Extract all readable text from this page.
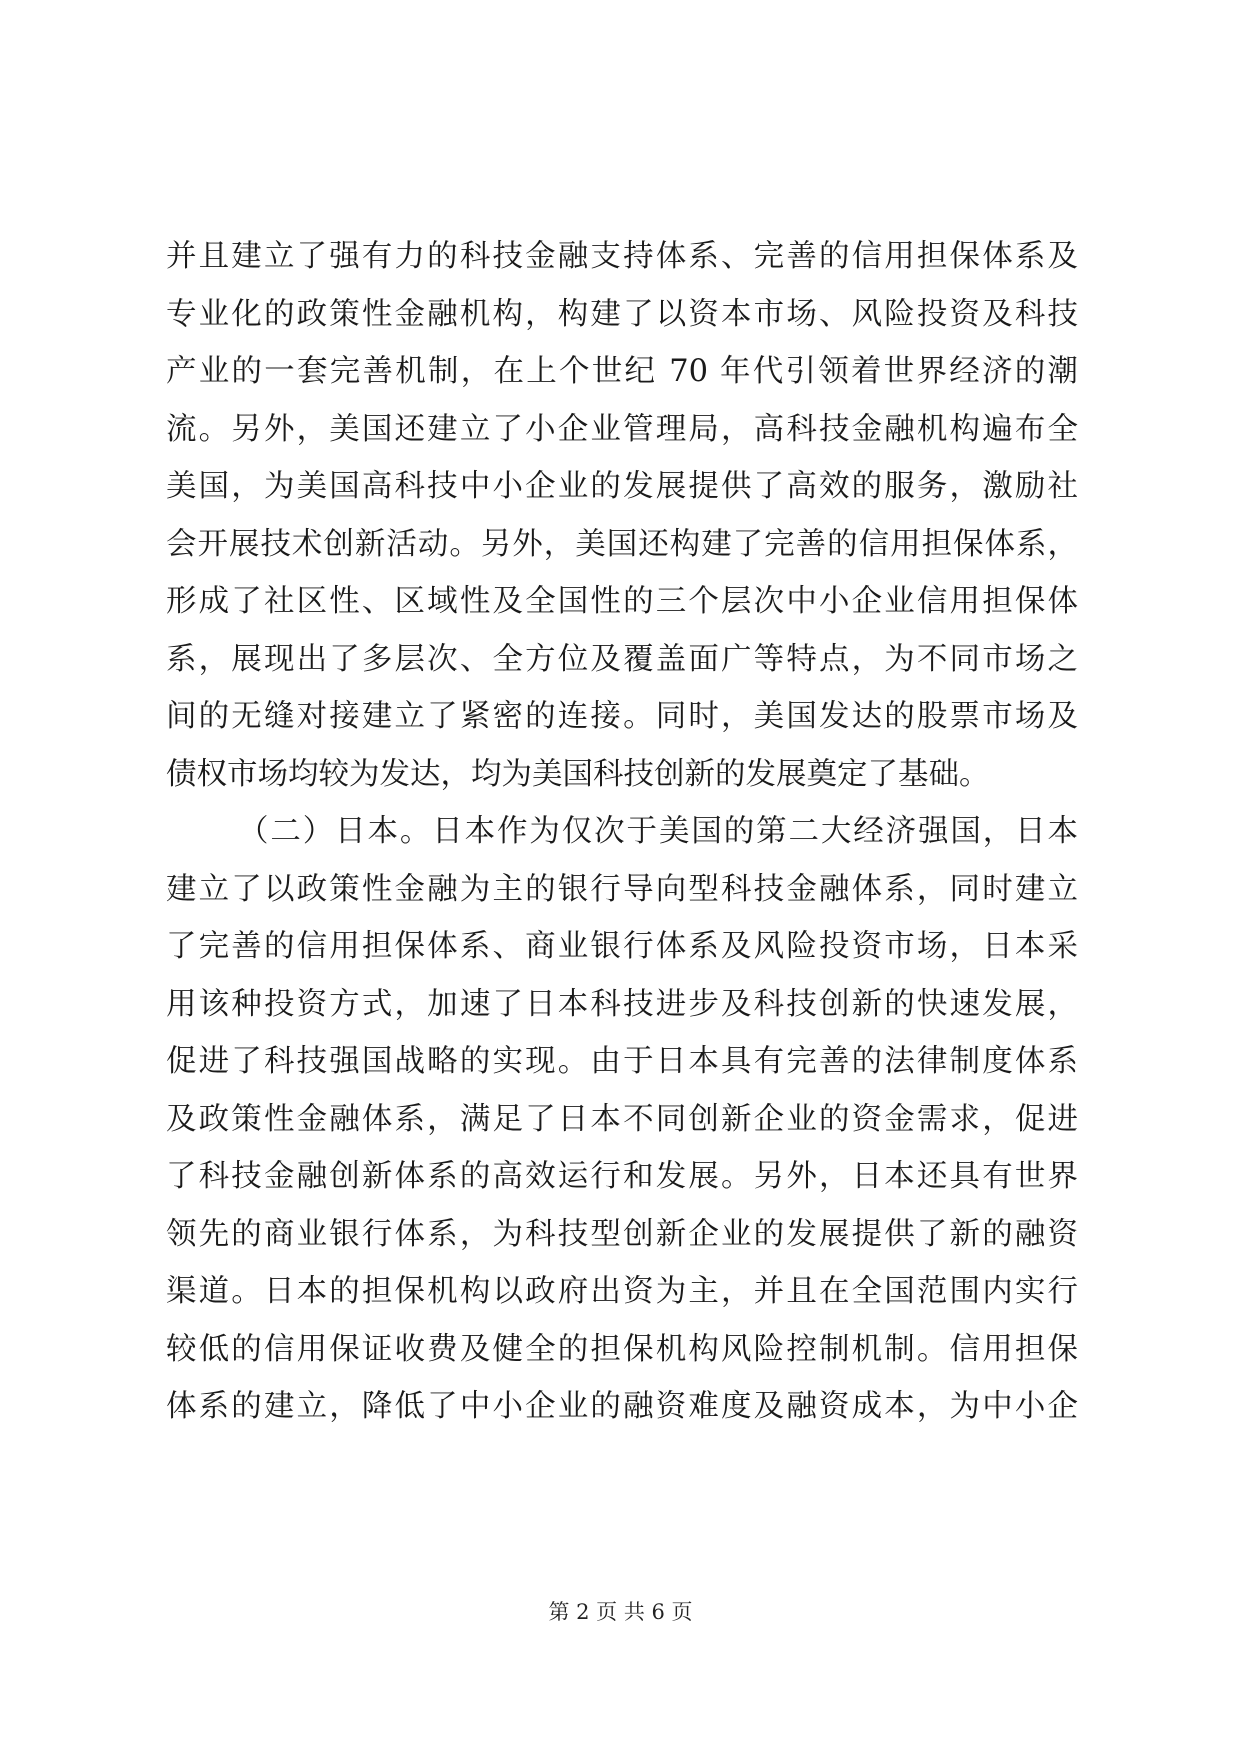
并且建立了强有力的科技金融支持体系、完善的信用担保体系及
专业化的政策性金融机构，构建了以资本市场、风险投资及科技
产业的一套完善机制，在上个世纪 70 年代引领着世界经济的潮
流。另外，美国还建立了小企业管理局，高科技金融机构遍布全
美国，为美国高科技中小企业的发展提供了高效的服务，激励社
会开展技术创新活动。另外，美国还构建了完善的信用担保体系，
形成了社区性、区域性及全国性的三个层次中小企业信用担保体
系，展现出了多层次、全方位及覆盖面广等特点，为不同市场之
间的无缝对接建立了紧密的连接。同时，美国发达的股票市场及
债权市场均较为发达，均为美国科技创新的发展奠定了基础。
（二）日本。日本作为仅次于美国的第二大经济强国，日本
建立了以政策性金融为主的银行导向型科技金融体系，同时建立
了完善的信用担保体系、商业银行体系及风险投资市场，日本采
用该种投资方式，加速了日本科技进步及科技创新的快速发展，
促进了科技强国战略的实现。由于日本具有完善的法律制度体系
及政策性金融体系，满足了日本不同创新企业的资金需求，促进
了科技金融创新体系的高效运行和发展。另外，日本还具有世界
领先的商业银行体系，为科技型创新企业的发展提供了新的融资
渠道。日本的担保机构以政府出资为主，并且在全国范围内实行
较低的信用保证收费及健全的担保机构风险控制机制。信用担保
体系的建立，降低了中小企业的融资难度及融资成本，为中小企
第 2 页 共 6 页
